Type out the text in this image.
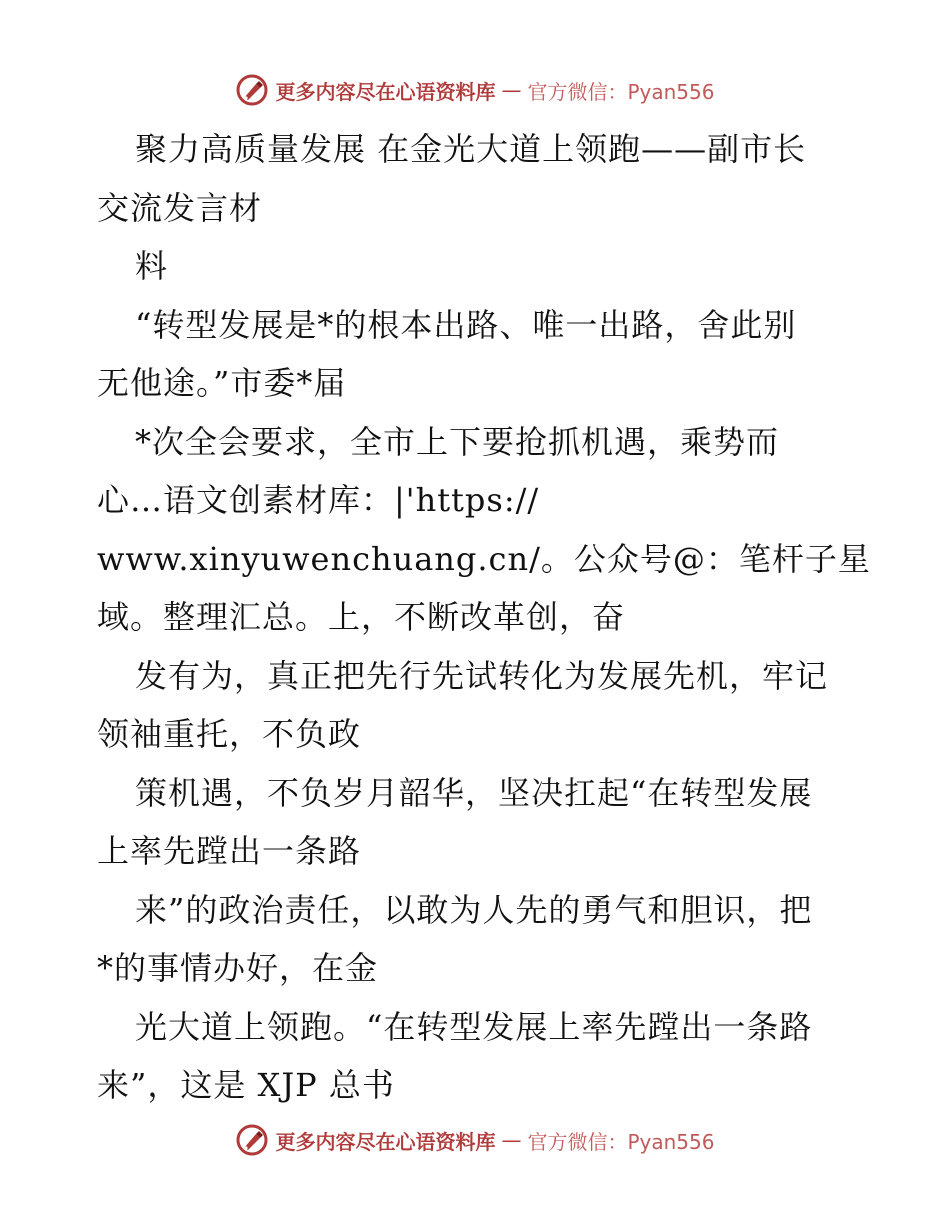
更多内容尽在心语资料库 — 官方微信：Pyan556
聚力高质量发展 在金光大道上领跑——副市长
交流发言材
料
“转型发展是*的根本出路、唯一出路，舍此别
无他途。”市委*届
*次全会要求，全市上下要抢抓机遇，乘势而
心…语文创素材库：|'https://
www.xinyuwenchuang.cn/。公众号@：笔杆子星
域。整理汇总。上，不断改革创，奋
发有为，真正把先行先试转化为发展先机，牢记
领袖重托，不负政
策机遇，不负岁月韶华，坚决扛起“在转型发展
上率先蹚出一条路
来”的政治责任，以敢为人先的勇气和胆识，把
*的事情办好，在金
光大道上领跑。“在转型发展上率先蹚出一条路
来”，这是 XJP 总书
更多内容尽在心语资料库 — 官方微信：Pyan556
